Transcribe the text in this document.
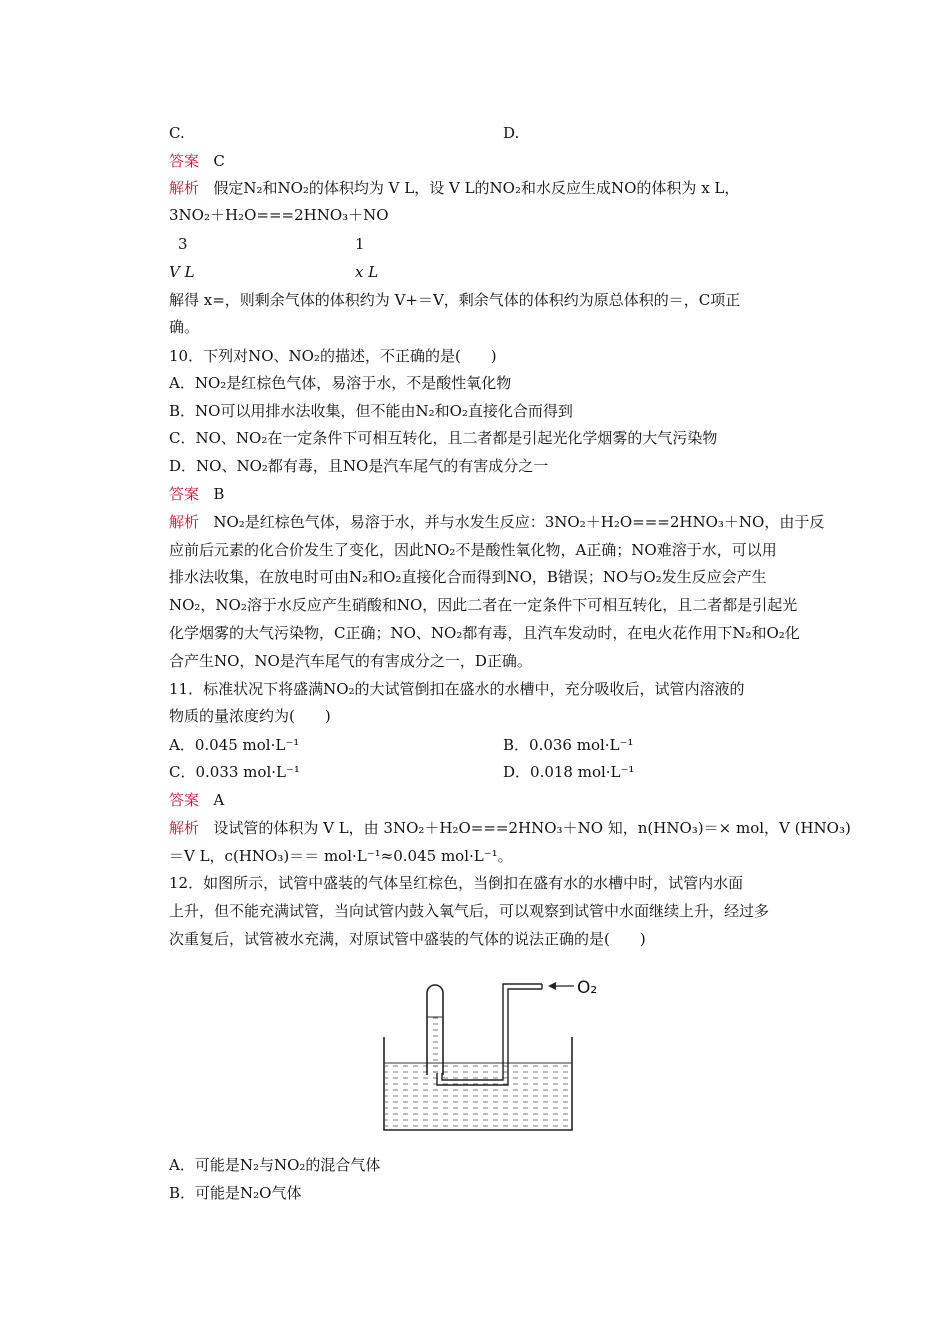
C.	D.
答案 C
解析 假定N₂和NO₂的体积均为 V L，设 V L的NO₂和水反应生成NO的体积为 x L，
3NO₂＋H₂O===2HNO₃＋NO
3	1
V L	x L
解得 x=，则剩余气体的体积约为 V+＝V，剩余气体的体积约为原总体积的＝，C项正
确。
10．下列对NO、NO₂的描述，不正确的是(　　)
A．NO₂是红棕色气体，易溶于水，不是酸性氧化物
B．NO可以用排水法收集，但不能由N₂和O₂直接化合而得到
C．NO、NO₂在一定条件下可相互转化，且二者都是引起光化学烟雾的大气污染物
D．NO、NO₂都有毒，且NO是汽车尾气的有害成分之一
答案 B
解析 NO₂是红棕色气体，易溶于水，并与水发生反应：3NO₂＋H₂O===2HNO₃＋NO，由于反
应前后元素的化合价发生了变化，因此NO₂不是酸性氧化物，A正确；NO难溶于水，可以用
排水法收集，在放电时可由N₂和O₂直接化合而得到NO，B错误；NO与O₂发生反应会产生
NO₂，NO₂溶于水反应产生硝酸和NO，因此二者在一定条件下可相互转化，且二者都是引起光
化学烟雾的大气污染物，C正确；NO、NO₂都有毒，且汽车发动时，在电火花作用下N₂和O₂化
合产生NO，NO是汽车尾气的有害成分之一，D正确。
11．标准状况下将盛满NO₂的大试管倒扣在盛水的水槽中，充分吸收后，试管内溶液的
物质的量浓度约为(　　)
A．0.045 mol·L⁻¹	B．0.036 mol·L⁻¹
C．0.033 mol·L⁻¹	D．0.018 mol·L⁻¹
答案 A
解析 设试管的体积为 V L，由 3NO₂＋H₂O===2HNO₃＋NO 知，n(HNO₃)＝× mol，V (HNO₃)
＝V L，c(HNO₃)＝＝ mol·L⁻¹≈0.045 mol·L⁻¹。
12．如图所示，试管中盛装的气体呈红棕色，当倒扣在盛有水的水槽中时，试管内水面
上升，但不能充满试管，当向试管内鼓入氧气后，可以观察到试管中水面继续上升，经过多
次重复后，试管被水充满，对原试管中盛装的气体的说法正确的是(　　)
O₂
A．可能是N₂与NO₂的混合气体
B．可能是N₂O气体
